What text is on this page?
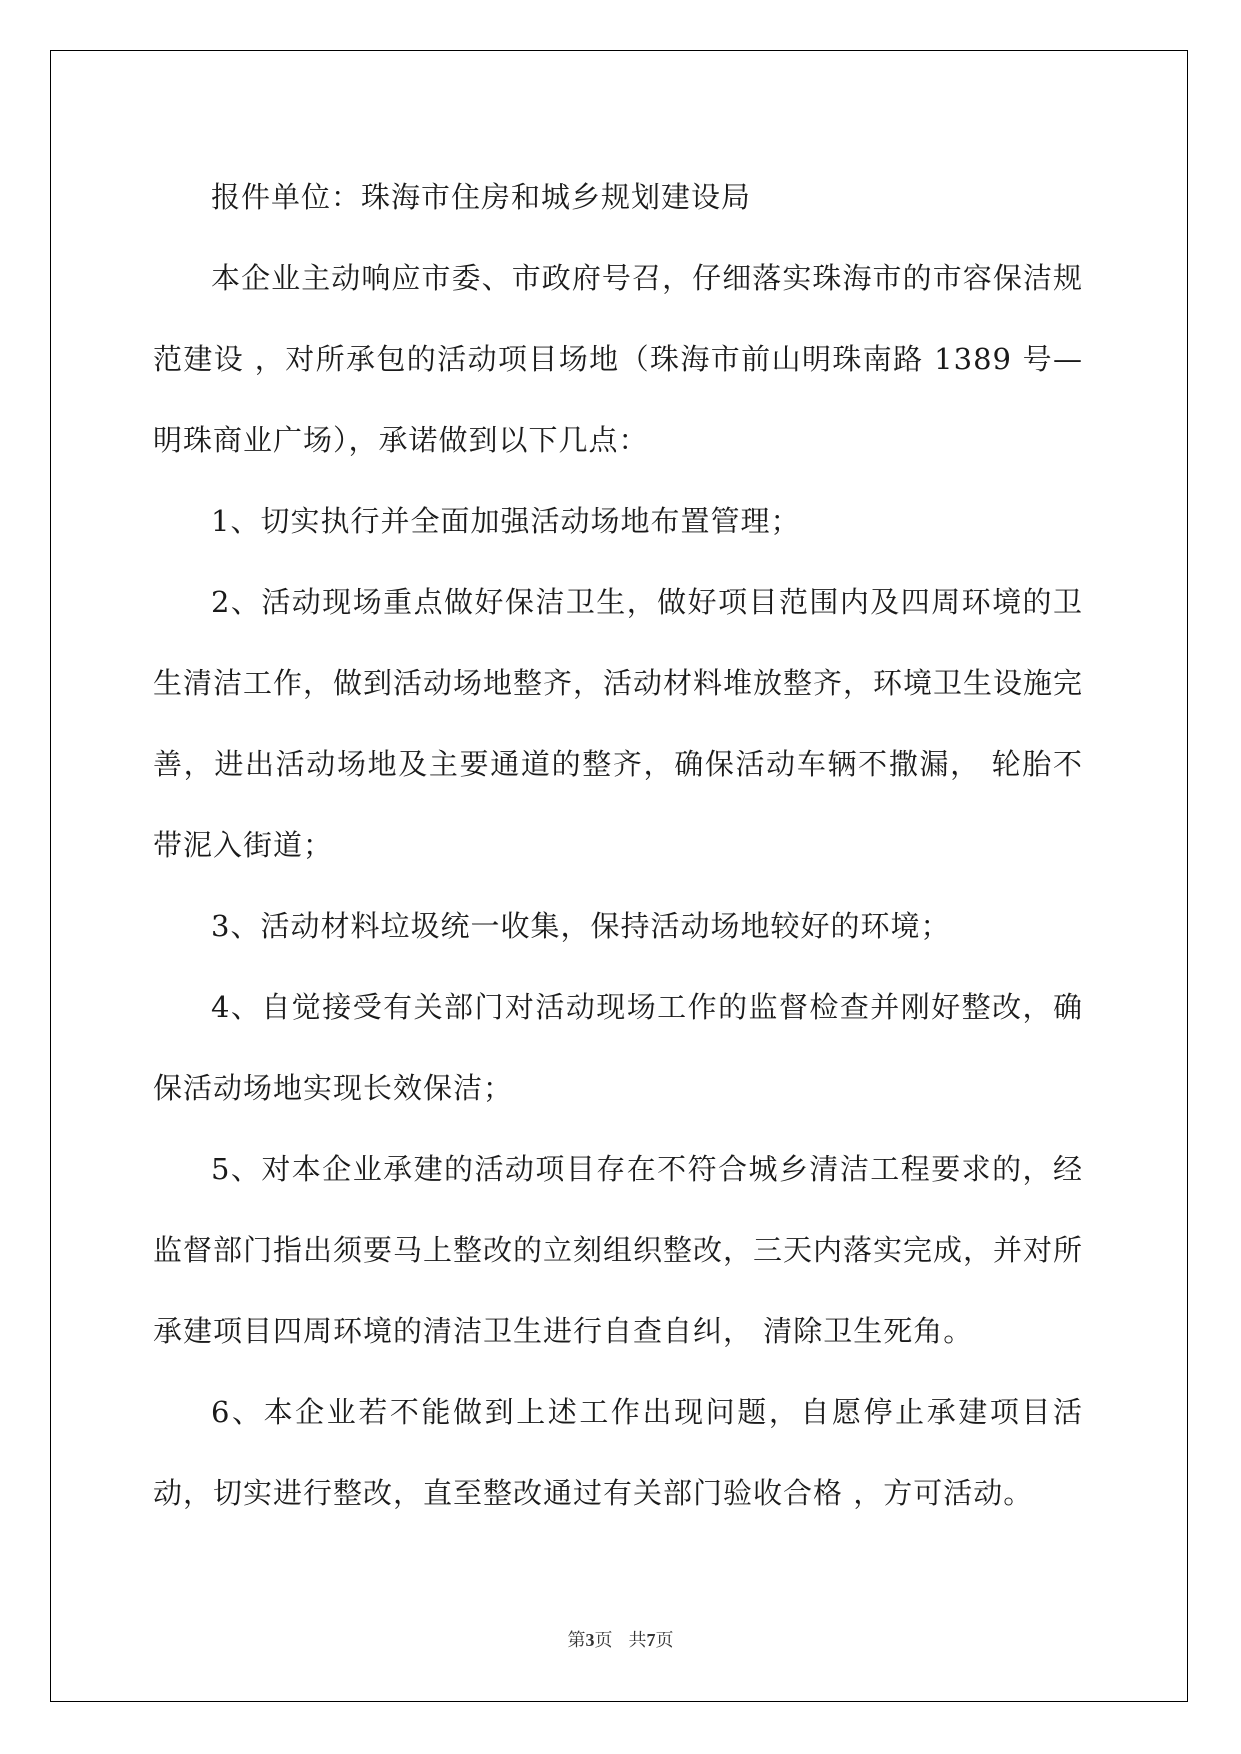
报件单位：珠海市住房和城乡规划建设局

本企业主动响应市委、市政府号召，仔细落实珠海市的市容保洁规范建设 ，对所承包的活动项目场地（珠海市前山明珠南路 1389 号—明珠商业广场），承诺做到以下几点：

1、切实执行并全面加强活动场地布置管理；

2、活动现场重点做好保洁卫生，做好项目范围内及四周环境的卫生清洁工作，做到活动场地整齐，活动材料堆放整齐，环境卫生设施完善，进出活动场地及主要通道的整齐，确保活动车辆不撒漏， 轮胎不带泥入街道；

3、活动材料垃圾统一收集，保持活动场地较好的环境；

4、自觉接受有关部门对活动现场工作的监督检查并刚好整改，确保活动场地实现长效保洁；

5、对本企业承建的活动项目存在不符合城乡清洁工程要求的，经监督部门指出须要马上整改的立刻组织整改，三天内落实完成，并对所承建项目四周环境的清洁卫生进行自查自纠， 清除卫生死角。

6、本企业若不能做到上述工作出现问题，自愿停止承建项目活动，切实进行整改，直至整改通过有关部门验收合格 ，方可活动。

第3页 共7页
